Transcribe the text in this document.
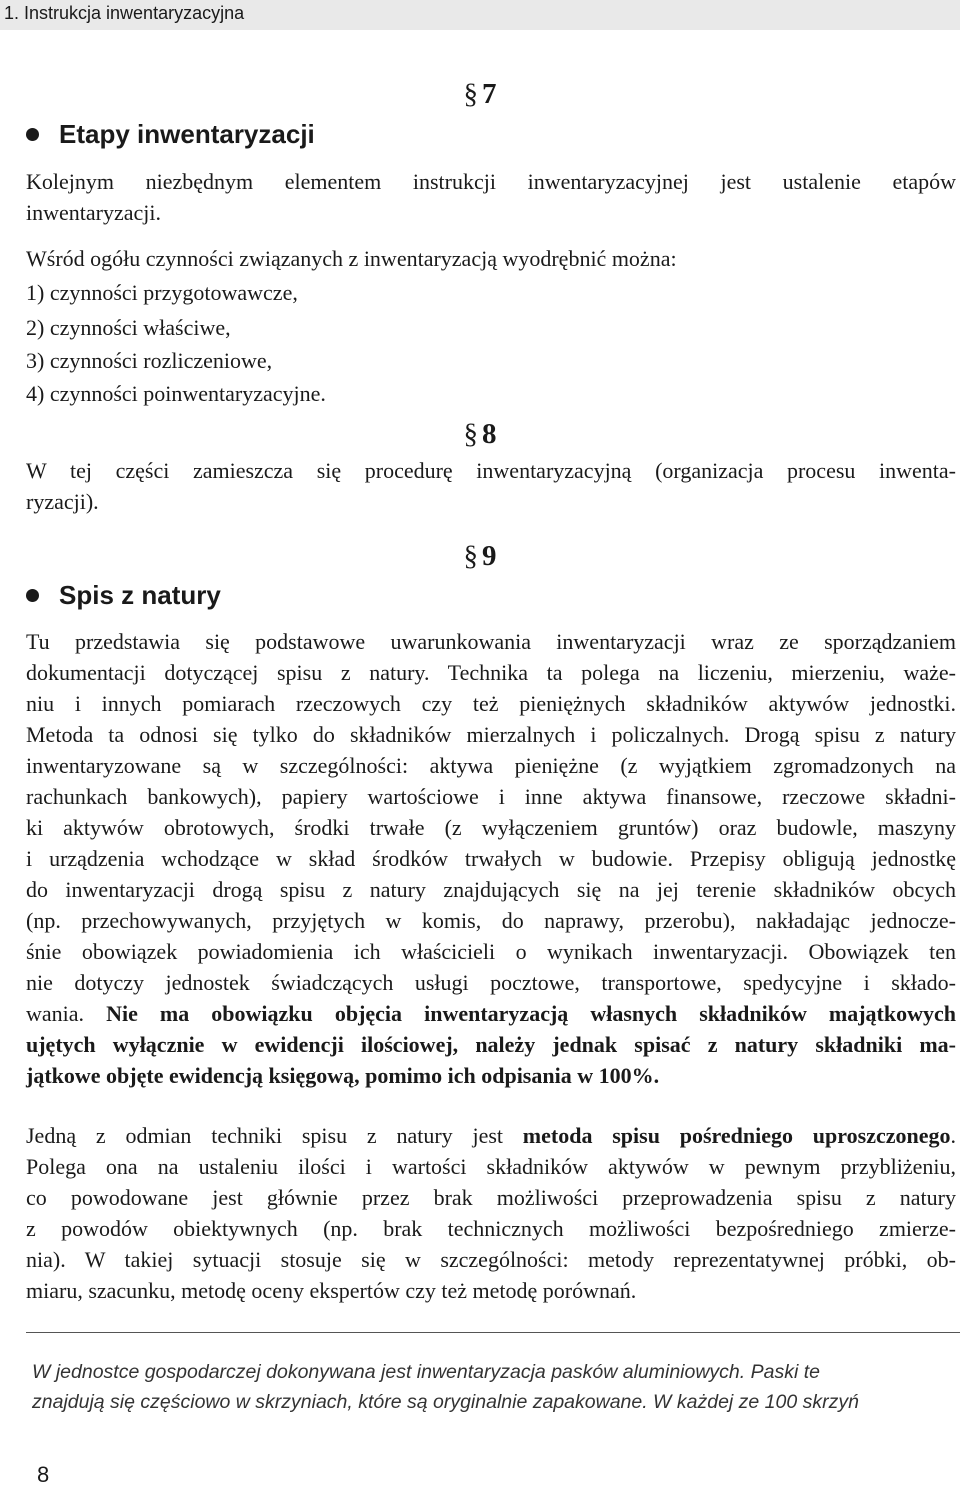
1. Instrukcja inwentaryzacyjna
§ 7
Etapy inwentaryzacji
Kolejnym niezbędnym elementem instrukcji inwentaryzacyjnej jest ustalenie etapów
inwentaryzacji.
Wśród ogółu czynności związanych z inwentaryzacją wyodrębnić można:
1) czynności przygotowawcze,
2) czynności właściwe,
3) czynności rozliczeniowe,
4) czynności poinwentaryzacyjne.
§ 8
W tej części zamieszcza się procedurę inwentaryzacyjną (organizacja procesu inwenta-
ryzacji).
§ 9
Spis z natury
Tu przedstawia się podstawowe uwarunkowania inwentaryzacji wraz ze sporządzaniem
dokumentacji dotyczącej spisu z natury. Technika ta polega na liczeniu, mierzeniu, waże-
niu i innych pomiarach rzeczowych czy też pieniężnych składników aktywów jednostki.
Metoda ta odnosi się tylko do składników mierzalnych i policzalnych. Drogą spisu z natury
inwentaryzowane są w szczególności: aktywa pieniężne (z wyjątkiem zgromadzonych na
rachunkach bankowych), papiery wartościowe i inne aktywa finansowe, rzeczowe składni-
ki aktywów obrotowych, środki trwałe (z wyłączeniem gruntów) oraz budowle, maszyny
i urządzenia wchodzące w skład środków trwałych w budowie. Przepisy obligują jednostkę
do inwentaryzacji drogą spisu z natury znajdujących się na jej terenie składników obcych
(np. przechowywanych, przyjętych w komis, do naprawy, przerobu), nakładając jednocze-
śnie obowiązek powiadomienia ich właścicieli o wynikach inwentaryzacji. Obowiązek ten
nie dotyczy jednostek świadczących usługi pocztowe, transportowe, spedycyjne i składo-
wania. Nie ma obowiązku objęcia inwentaryzacją własnych składników majątkowych
ujętych wyłącznie w ewidencji ilościowej, należy jednak spisać z natury składniki ma-
jątkowe objęte ewidencją księgową, pomimo ich odpisania w 100%.
Jedną z odmian techniki spisu z natury jest metoda spisu pośredniego uproszczonego.
Polega ona na ustaleniu ilości i wartości składników aktywów w pewnym przybliżeniu,
co powodowane jest głównie przez brak możliwości przeprowadzenia spisu z natury
z powodów obiektywnych (np. brak technicznych możliwości bezpośredniego zmierze-
nia). W takiej sytuacji stosuje się w szczególności: metody reprezentatywnej próbki, ob-
miaru, szacunku, metodę oceny ekspertów czy też metodę porównań.
W jednostce gospodarczej dokonywana jest inwentaryzacja pasków aluminiowych. Paski te
znajdują się częściowo w skrzyniach, które są oryginalnie zapakowane. W każdej ze 100 skrzyń
8
